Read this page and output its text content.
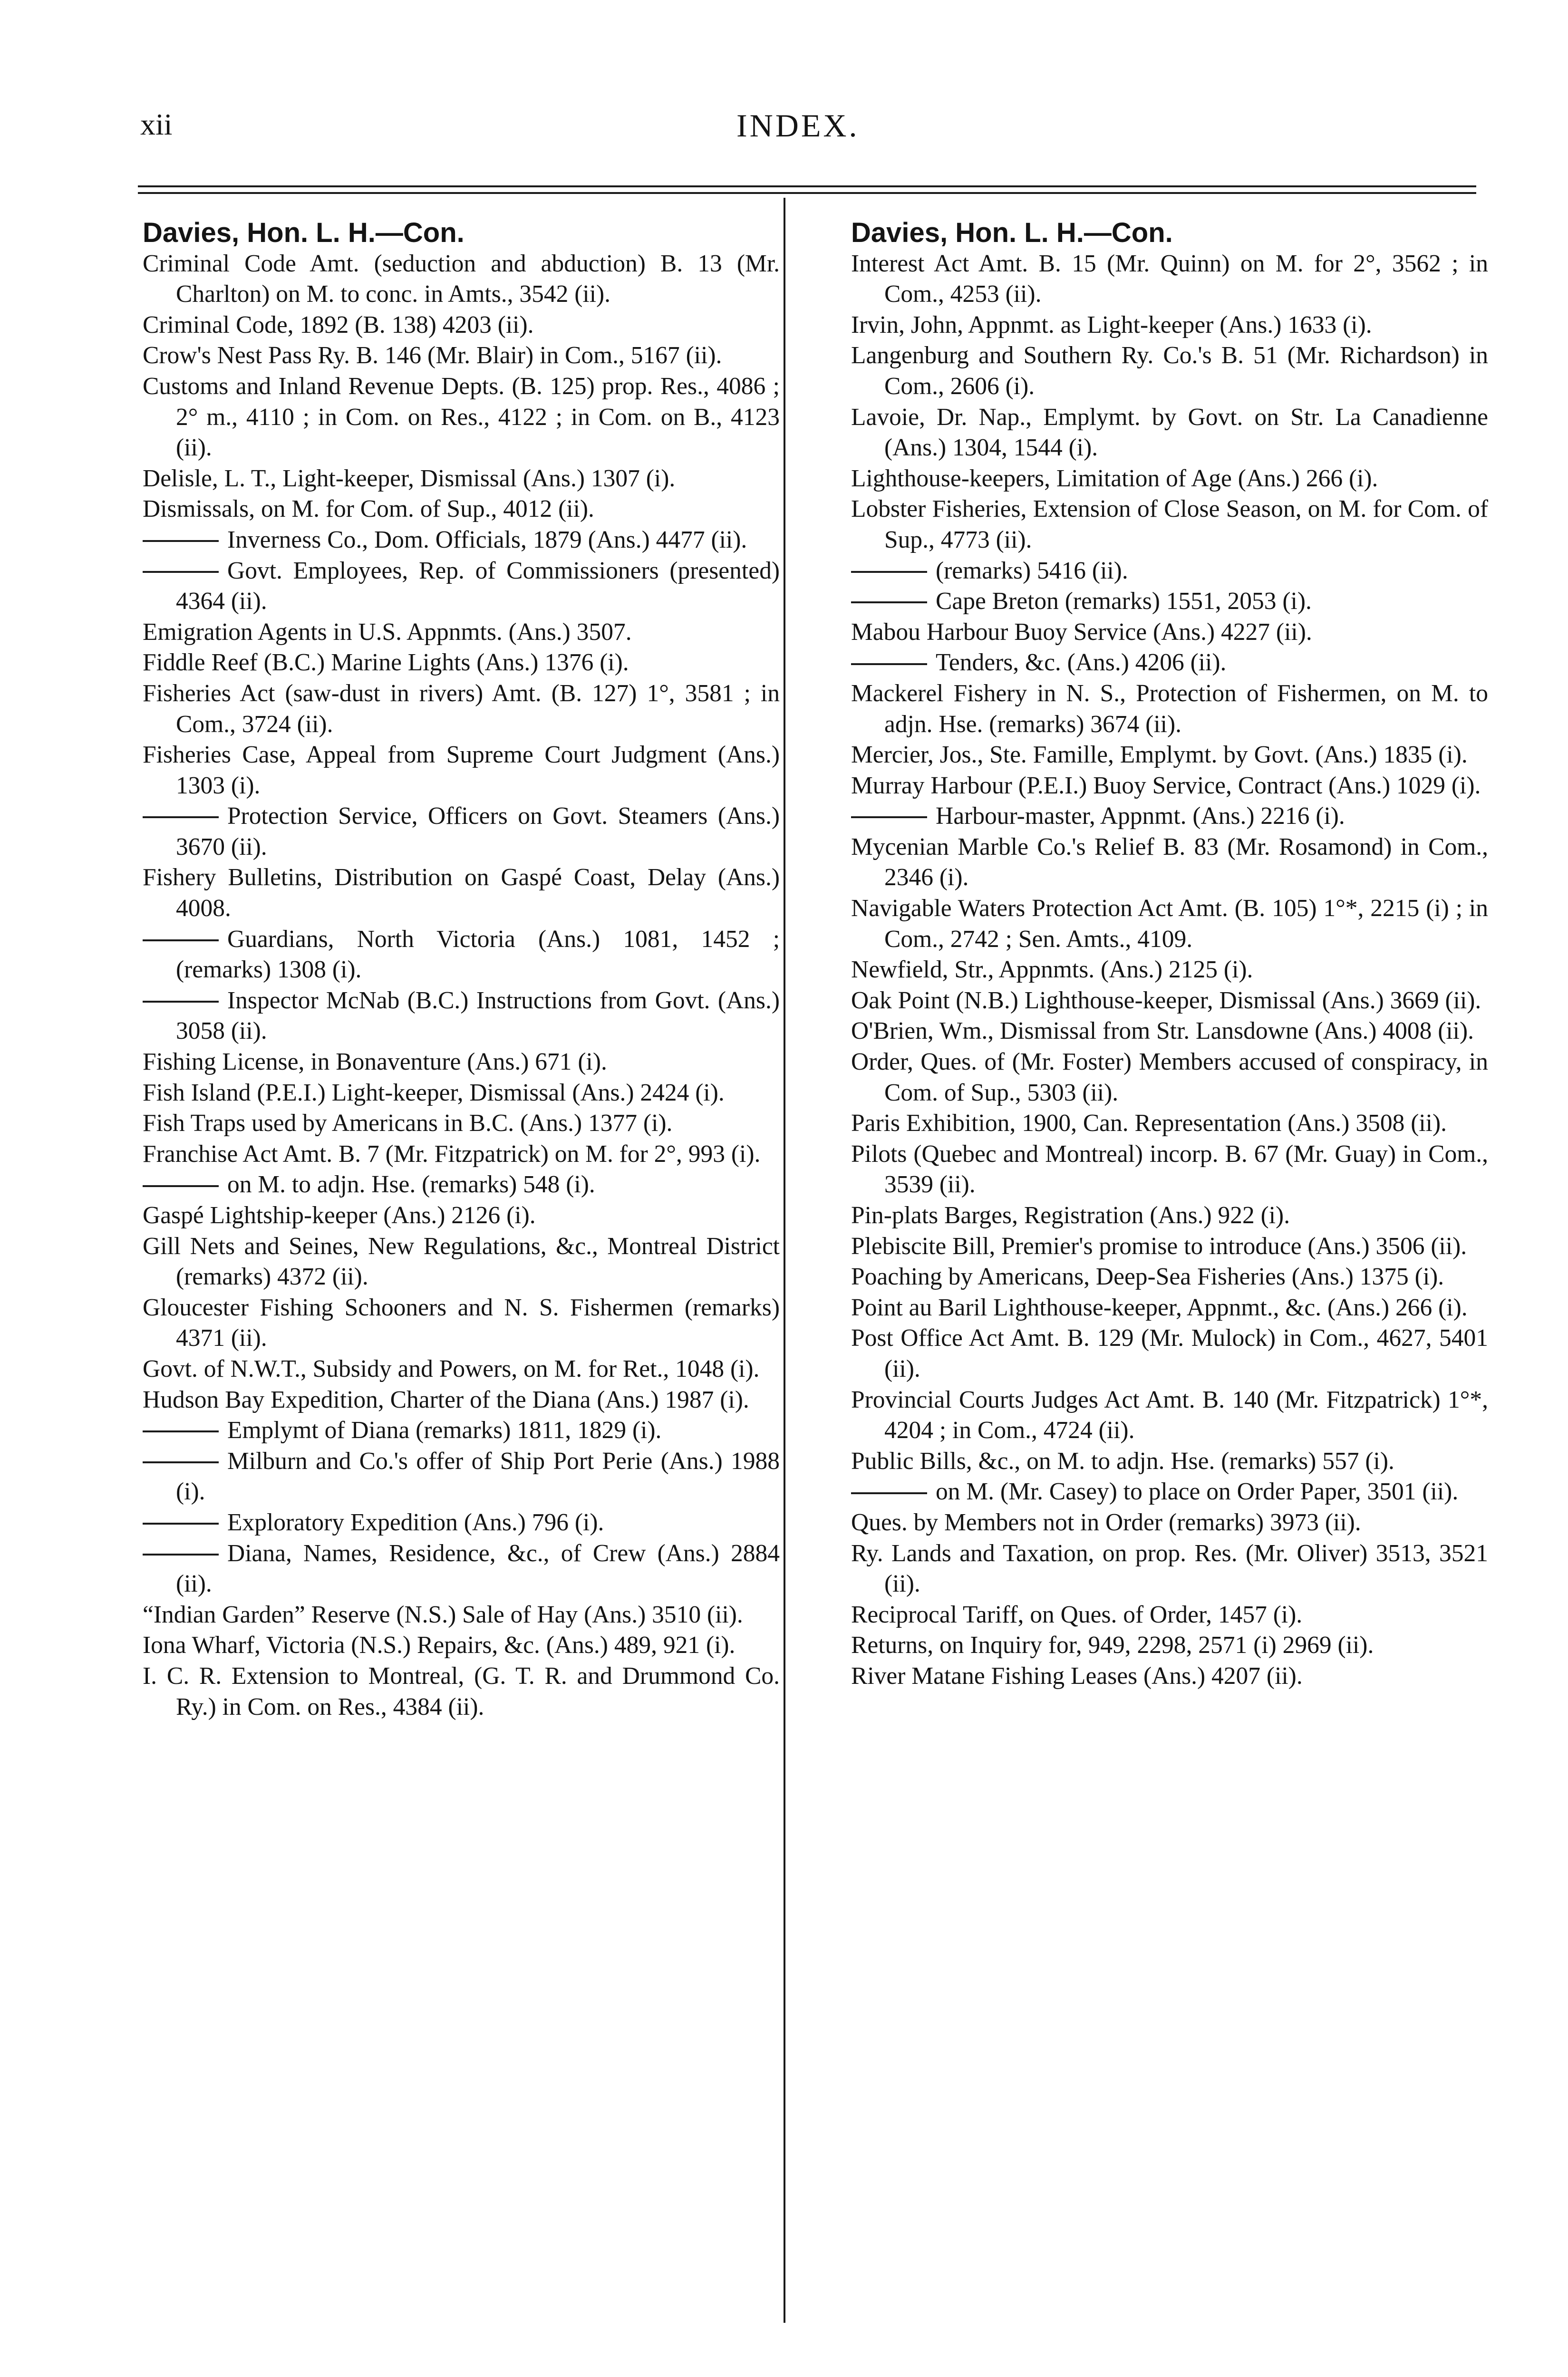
xii	INDEX.
Davies, Hon. L. H.—Con.
Criminal Code Amt. (seduction and abduction) B. 13 (Mr. Charlton) on M. to conc. in Amts., 3542 (ii).
Criminal Code, 1892 (B. 138) 4203 (ii).
Crow's Nest Pass Ry. B. 146 (Mr. Blair) in Com., 5167 (ii).
Customs and Inland Revenue Depts. (B. 125) prop. Res., 4086 ; 2° m., 4110 ; in Com. on Res., 4122 ; in Com. on B., 4123 (ii).
Delisle, L. T., Light-keeper, Dismissal (Ans.) 1307 (i).
Dismissals, on M. for Com. of Sup., 4012 (ii).
Inverness Co., Dom. Officials, 1879 (Ans.) 4477 (ii).
Govt. Employees, Rep. of Commissioners (presented) 4364 (ii).
Emigration Agents in U.S. Appnmts. (Ans.) 3507.
Fiddle Reef (B.C.) Marine Lights (Ans.) 1376 (i).
Fisheries Act (saw-dust in rivers) Amt. (B. 127) 1°, 3581 ; in Com., 3724 (ii).
Fisheries Case, Appeal from Supreme Court Judgment (Ans.) 1303 (i).
Protection Service, Officers on Govt. Steamers (Ans.) 3670 (ii).
Fishery Bulletins, Distribution on Gaspé Coast, Delay (Ans.) 4008.
Guardians, North Victoria (Ans.) 1081, 1452 ; (remarks) 1308 (i).
Inspector McNab (B.C.) Instructions from Govt. (Ans.) 3058 (ii).
Fishing License, in Bonaventure (Ans.) 671 (i).
Fish Island (P.E.I.) Light-keeper, Dismissal (Ans.) 2424 (i).
Fish Traps used by Americans in B.C. (Ans.) 1377 (i).
Franchise Act Amt. B. 7 (Mr. Fitzpatrick) on M. for 2°, 993 (i).
on M. to adjn. Hse. (remarks) 548 (i).
Gaspé Lightship-keeper (Ans.) 2126 (i).
Gill Nets and Seines, New Regulations, &c., Montreal District (remarks) 4372 (ii).
Gloucester Fishing Schooners and N. S. Fishermen (remarks) 4371 (ii).
Govt. of N.W.T., Subsidy and Powers, on M. for Ret., 1048 (i).
Hudson Bay Expedition, Charter of the Diana (Ans.) 1987 (i).
Emplymt of Diana (remarks) 1811, 1829 (i).
Milburn and Co.'s offer of Ship Port Perie (Ans.) 1988 (i).
Exploratory Expedition (Ans.) 796 (i).
Diana, Names, Residence, &c., of Crew (Ans.) 2884 (ii).
“Indian Garden” Reserve (N.S.) Sale of Hay (Ans.) 3510 (ii).
Iona Wharf, Victoria (N.S.) Repairs, &c. (Ans.) 489, 921 (i).
I. C. R. Extension to Montreal, (G. T. R. and Drummond Co. Ry.) in Com. on Res., 4384 (ii).
Davies, Hon. L. H.—Con.
Interest Act Amt. B. 15 (Mr. Quinn) on M. for 2°, 3562 ; in Com., 4253 (ii).
Irvin, John, Appnmt. as Light-keeper (Ans.) 1633 (i).
Langenburg and Southern Ry. Co.'s B. 51 (Mr. Richardson) in Com., 2606 (i).
Lavoie, Dr. Nap., Emplymt. by Govt. on Str. La Canadienne (Ans.) 1304, 1544 (i).
Lighthouse-keepers, Limitation of Age (Ans.) 266 (i).
Lobster Fisheries, Extension of Close Season, on M. for Com. of Sup., 4773 (ii).
(remarks) 5416 (ii).
Cape Breton (remarks) 1551, 2053 (i).
Mabou Harbour Buoy Service (Ans.) 4227 (ii).
Tenders, &c. (Ans.) 4206 (ii).
Mackerel Fishery in N. S., Protection of Fishermen, on M. to adjn. Hse. (remarks) 3674 (ii).
Mercier, Jos., Ste. Famille, Emplymt. by Govt. (Ans.) 1835 (i).
Murray Harbour (P.E.I.) Buoy Service, Contract (Ans.) 1029 (i).
Harbour-master, Appnmt. (Ans.) 2216 (i).
Mycenian Marble Co.'s Relief B. 83 (Mr. Rosamond) in Com., 2346 (i).
Navigable Waters Protection Act Amt. (B. 105) 1°*, 2215 (i) ; in Com., 2742 ; Sen. Amts., 4109.
Newfield, Str., Appnmts. (Ans.) 2125 (i).
Oak Point (N.B.) Lighthouse-keeper, Dismissal (Ans.) 3669 (ii).
O'Brien, Wm., Dismissal from Str. Lansdowne (Ans.) 4008 (ii).
Order, Ques. of (Mr. Foster) Members accused of conspiracy, in Com. of Sup., 5303 (ii).
Paris Exhibition, 1900, Can. Representation (Ans.) 3508 (ii).
Pilots (Quebec and Montreal) incorp. B. 67 (Mr. Guay) in Com., 3539 (ii).
Pin-plats Barges, Registration (Ans.) 922 (i).
Plebiscite Bill, Premier's promise to introduce (Ans.) 3506 (ii).
Poaching by Americans, Deep-Sea Fisheries (Ans.) 1375 (i).
Point au Baril Lighthouse-keeper, Appnmt., &c. (Ans.) 266 (i).
Post Office Act Amt. B. 129 (Mr. Mulock) in Com., 4627, 5401 (ii).
Provincial Courts Judges Act Amt. B. 140 (Mr. Fitzpatrick) 1°*, 4204 ; in Com., 4724 (ii).
Public Bills, &c., on M. to adjn. Hse. (remarks) 557 (i).
on M. (Mr. Casey) to place on Order Paper, 3501 (ii).
Ques. by Members not in Order (remarks) 3973 (ii).
Ry. Lands and Taxation, on prop. Res. (Mr. Oliver) 3513, 3521 (ii).
Reciprocal Tariff, on Ques. of Order, 1457 (i).
Returns, on Inquiry for, 949, 2298, 2571 (i) 2969 (ii).
River Matane Fishing Leases (Ans.) 4207 (ii).
